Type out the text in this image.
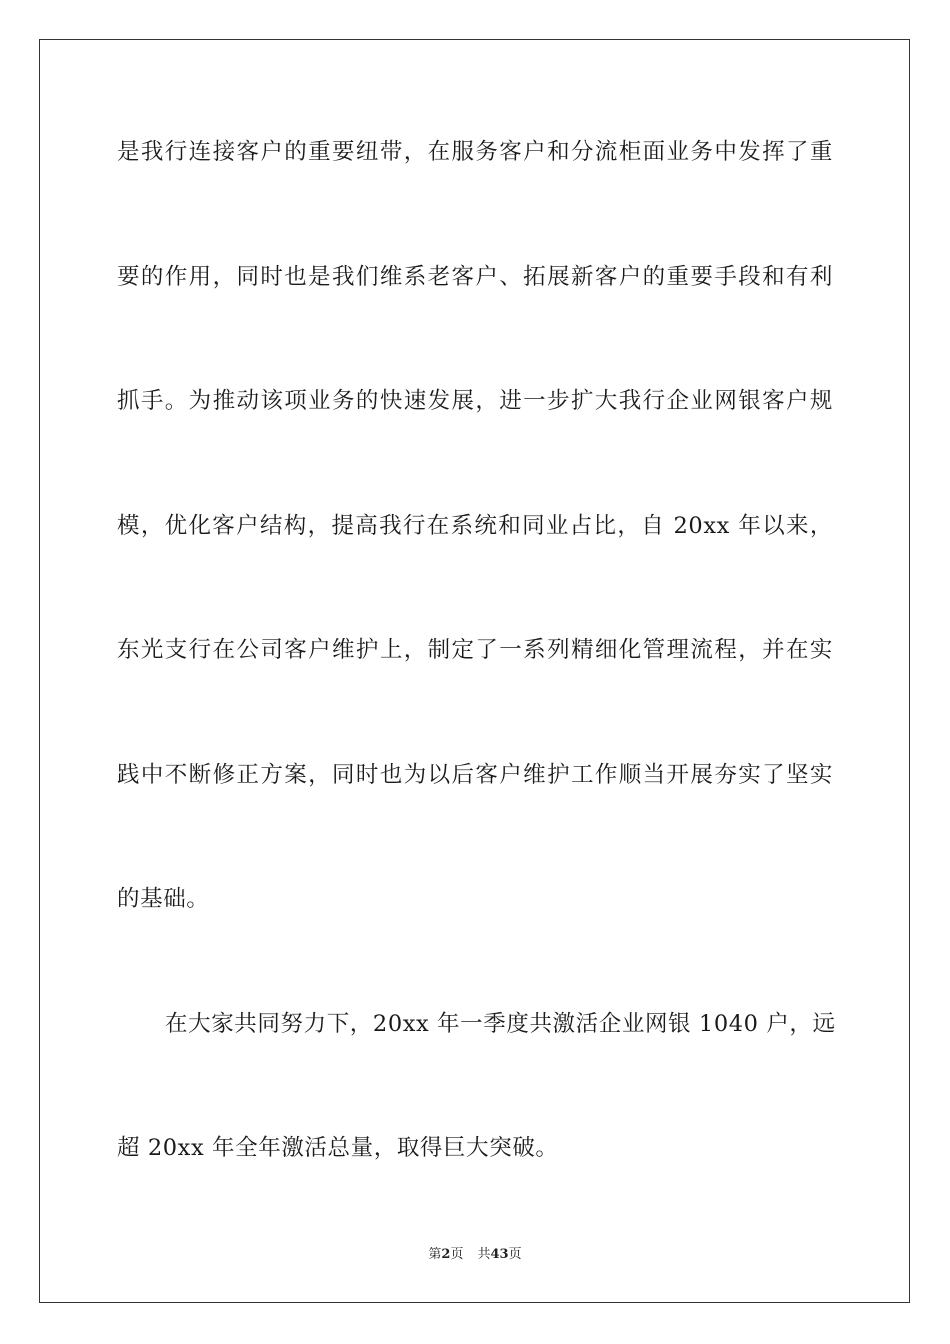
是我行连接客户的重要纽带，在服务客户和分流柜面业务中发挥了重
要的作用，同时也是我们维系老客户、拓展新客户的重要手段和有利
抓手。为推动该项业务的快速发展，进一步扩大我行企业网银客户规
模，优化客户结构，提高我行在系统和同业占比，自 20xx 年以来，
东光支行在公司客户维护上，制定了一系列精细化管理流程，并在实
践中不断修正方案，同时也为以后客户维护工作顺当开展夯实了坚实
的基础。
在大家共同努力下，20xx 年一季度共激活企业网银 1040 户，远
超 20xx 年全年激活总量，取得巨大突破。
第2页 共43页
